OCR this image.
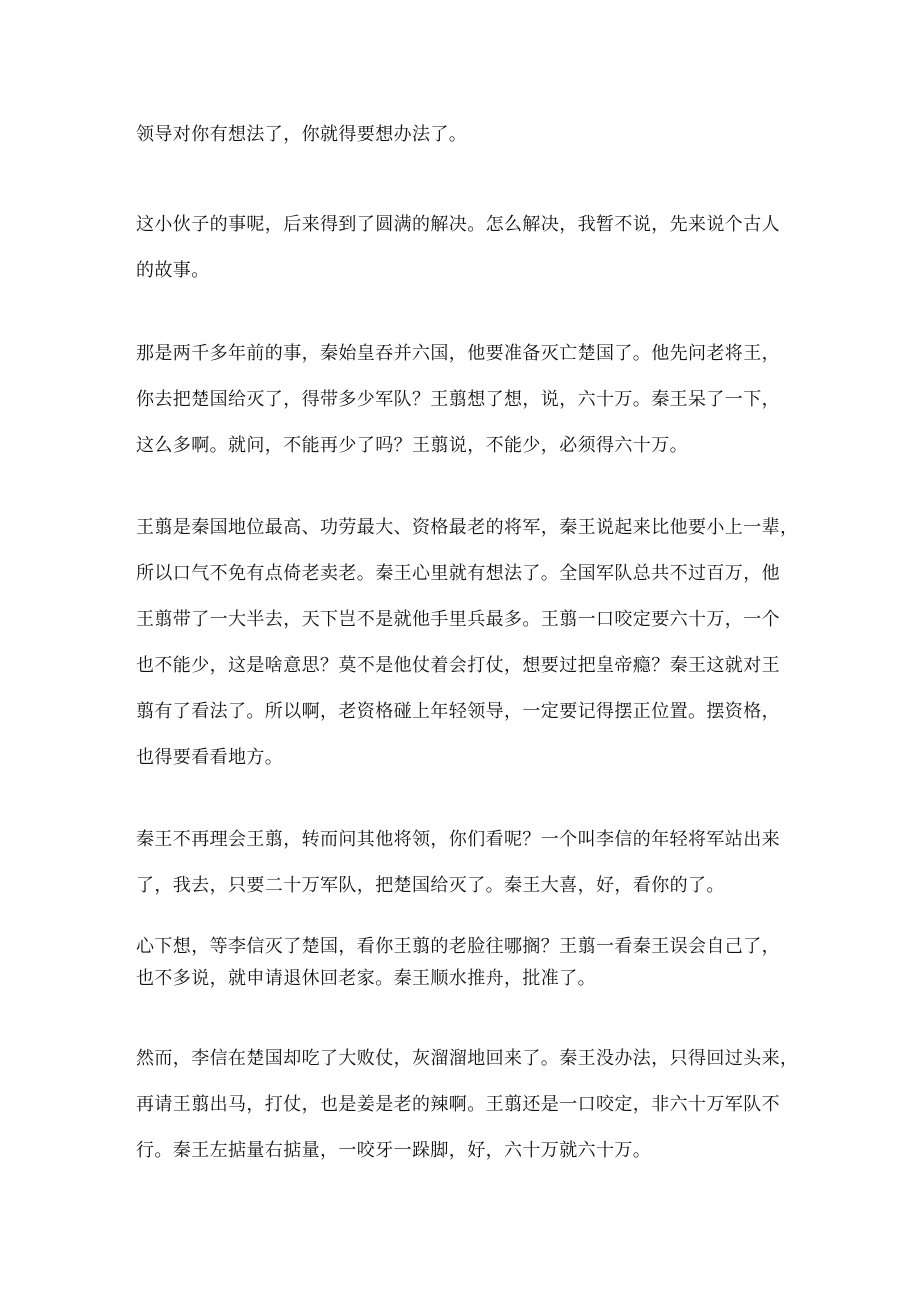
领导对你有想法了，你就得要想办法了。

这小伙子的事呢，后来得到了圆满的解决。怎么解决，我暂不说，先来说个古人
的故事。

那是两千多年前的事，秦始皇吞并六国，他要准备灭亡楚国了。他先问老将王，
你去把楚国给灭了，得带多少军队？王翦想了想，说，六十万。秦王呆了一下，
这么多啊。就问，不能再少了吗？王翦说，不能少，必须得六十万。

王翦是秦国地位最高、功劳最大、资格最老的将军，秦王说起来比他要小上一辈，
所以口气不免有点倚老卖老。秦王心里就有想法了。全国军队总共不过百万，他
王翦带了一大半去，天下岂不是就他手里兵最多。王翦一口咬定要六十万，一个
也不能少，这是啥意思？莫不是他仗着会打仗，想要过把皇帝瘾？秦王这就对王
翦有了看法了。所以啊，老资格碰上年轻领导，一定要记得摆正位置。摆资格，
也得要看看地方。

秦王不再理会王翦，转而问其他将领，你们看呢？一个叫李信的年轻将军站出来
了，我去，只要二十万军队，把楚国给灭了。秦王大喜，好，看你的了。

心下想，等李信灭了楚国，看你王翦的老脸往哪搁？王翦一看秦王误会自己了，
也不多说，就申请退休回老家。秦王顺水推舟，批准了。

然而，李信在楚国却吃了大败仗，灰溜溜地回来了。秦王没办法，只得回过头来，
再请王翦出马，打仗，也是姜是老的辣啊。王翦还是一口咬定，非六十万军队不
行。秦王左掂量右掂量，一咬牙一跺脚，好，六十万就六十万。
